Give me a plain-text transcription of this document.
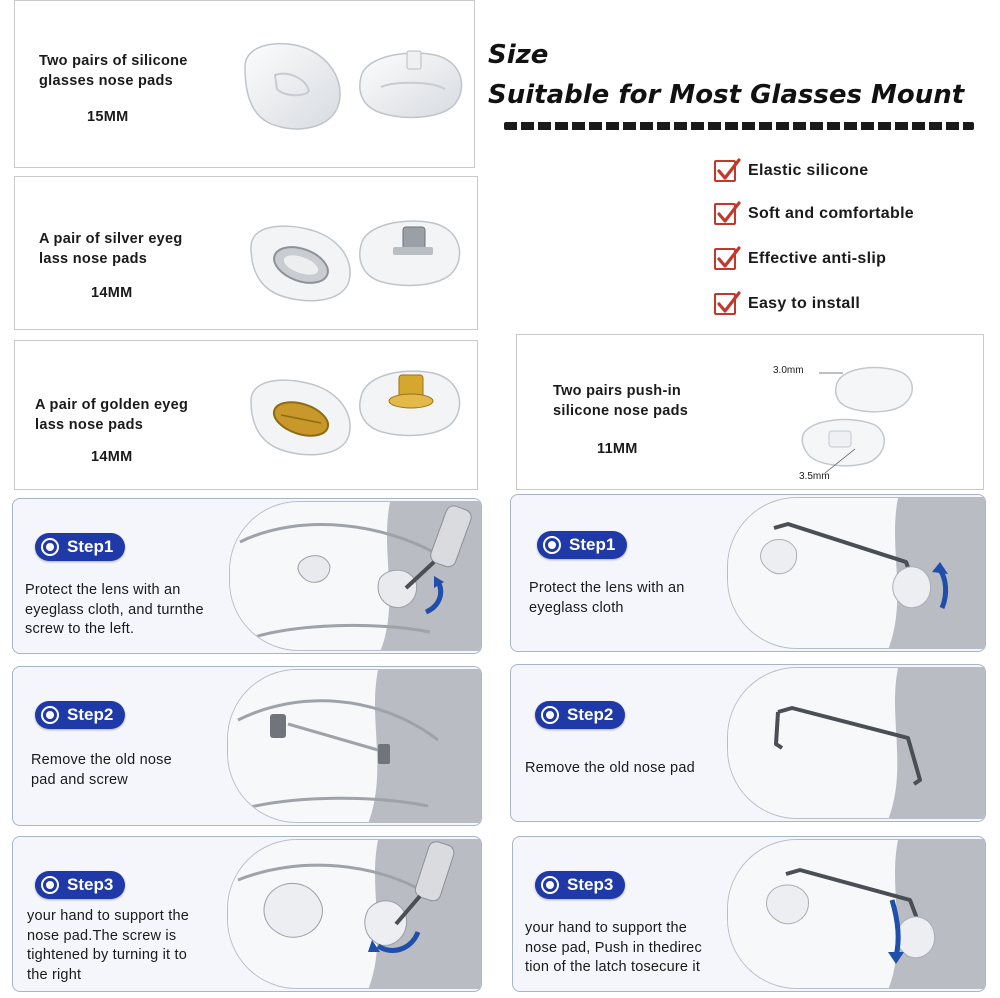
Two pairs of silicone
glasses nose pads
15MM
A pair of silver eyeg
lass nose pads
14MM
A pair of golden eyeg
lass nose pads
14MM
Two pairs push-in
silicone nose pads
11MM
3.0mm
3.5mm
Size
Suitable for Most Glasses Mount
Elastic silicone
Soft and comfortable
Effective anti-slip
Easy to install
Step1
Protect the lens with an
eyeglass cloth, and turnthe
screw to the left.
Step2
Remove the old nose
pad and screw
Step3
your hand to support the
nose pad.The screw is
tightened by turning it to
the right
Step1
Protect the lens with an
eyeglass cloth
Step2
Remove the old nose pad
Step3
your hand to support the
nose pad, Push in thedirec
tion of the latch tosecure it
